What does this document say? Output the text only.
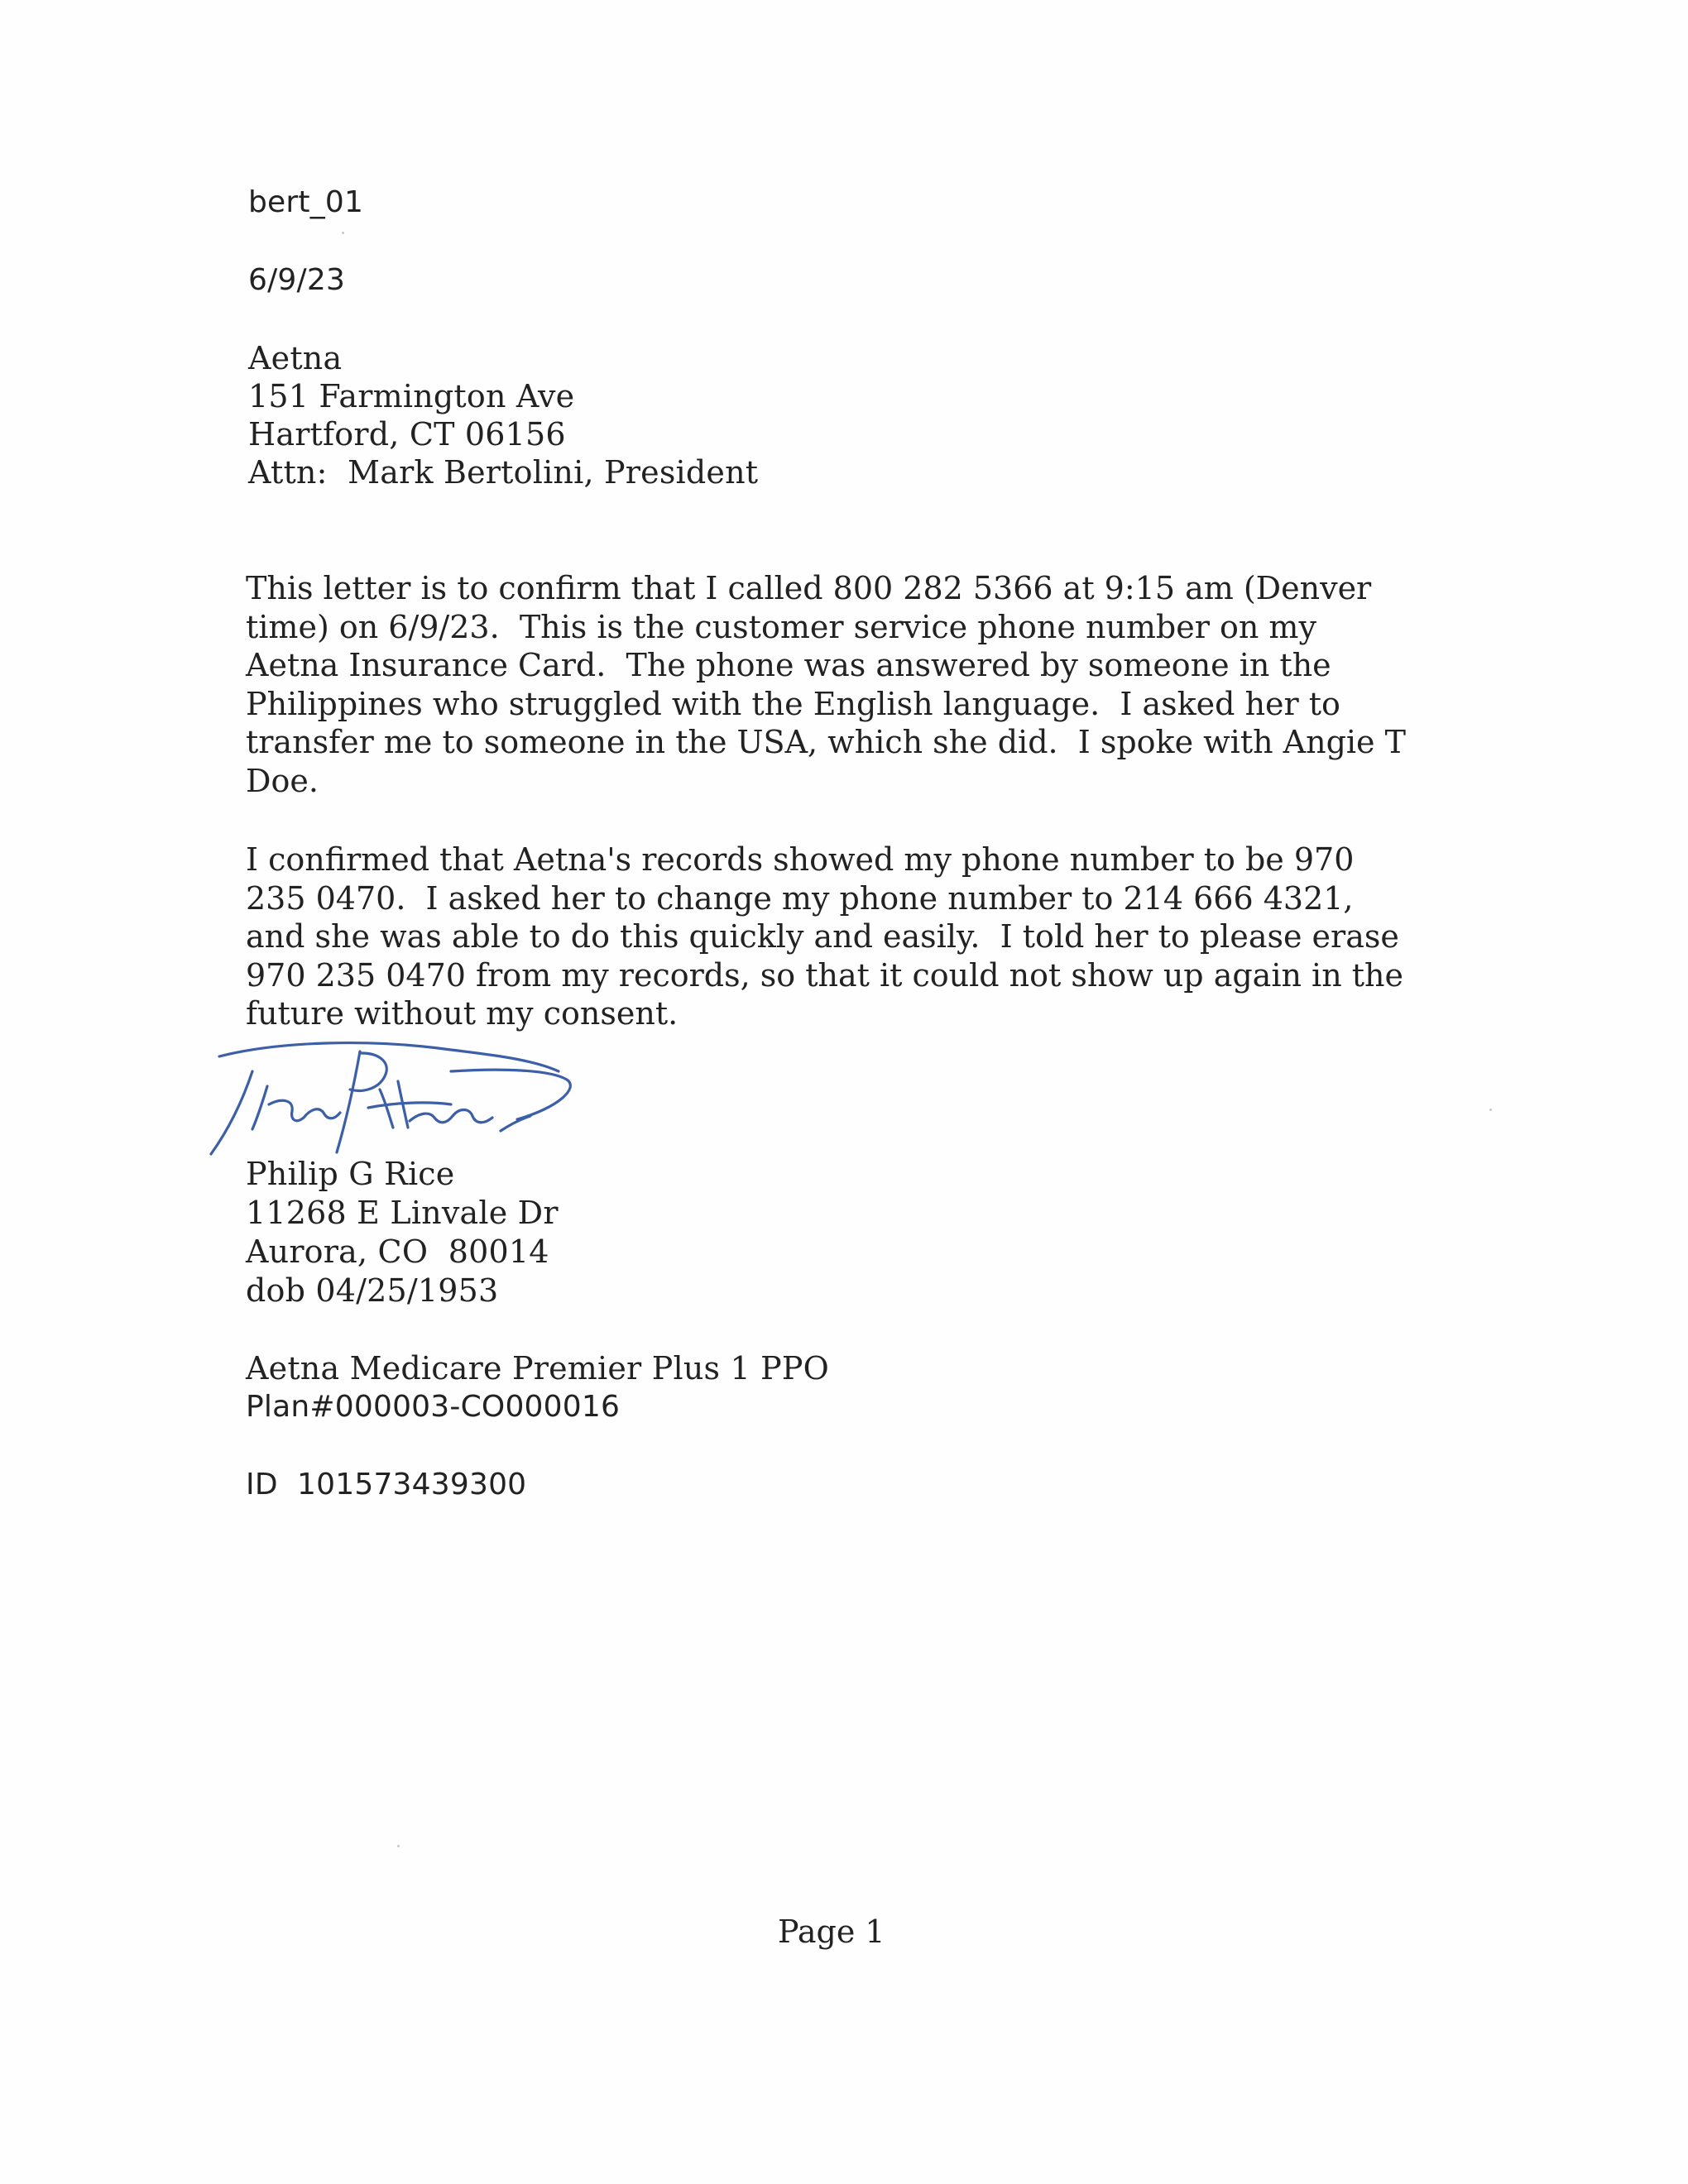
bert_01
6/9/23
Aetna
151 Farmington Ave
Hartford, CT 06156
Attn:  Mark Bertolini, President
This letter is to confirm that I called 800 282 5366 at 9:15 am (Denver
time) on 6/9/23.  This is the customer service phone number on my
Aetna Insurance Card.  The phone was answered by someone in the
Philippines who struggled with the English language.  I asked her to
transfer me to someone in the USA, which she did.  I spoke with Angie T
Doe.
I confirmed that Aetna's records showed my phone number to be 970
235 0470.  I asked her to change my phone number to 214 666 4321,
and she was able to do this quickly and easily.  I told her to please erase
970 235 0470 from my records, so that it could not show up again in the
future without my consent.
Philip G Rice
11268 E Linvale Dr
Aurora, CO  80014
dob 04/25/1953
Aetna Medicare Premier Plus 1 PPO
Plan#000003-CO000016
ID  101573439300
Page 1
